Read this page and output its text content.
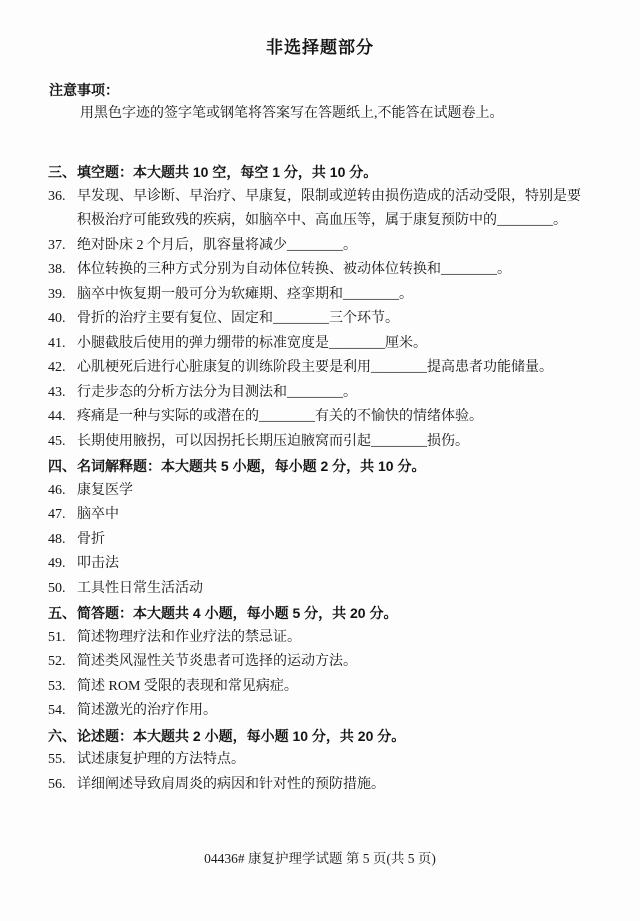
非选择题部分
注意事项：
用黑色字迹的签字笔或钢笔将答案写在答题纸上,不能答在试题卷上。
三、 填空题：本大题共 10 空，每空 1 分，共 10 分。
36. 早发现、早诊断、早治疗、早康复，限制或逆转由损伤造成的活动受限，特别是要积极治疗可能致残的疾病，如脑卒中、高血压等，属于康复预防中的________。
37. 绝对卧床 2 个月后，肌容量将减少________。
38. 体位转换的三种方式分别为自动体位转换、被动体位转换和________。
39. 脑卒中恢复期一般可分为软瘫期、痉挛期和________。
40. 骨折的治疗主要有复位、固定和________三个环节。
41. 小腿截肢后使用的弹力绷带的标准宽度是________厘米。
42. 心肌梗死后进行心脏康复的训练阶段主要是利用________提高患者功能储量。
43. 行走步态的分析方法分为目测法和________。
44. 疼痛是一种与实际的或潜在的________有关的不愉快的情绪体验。
45. 长期使用腋拐，可以因拐托长期压迫腋窝而引起________损伤。
四、 名词解释题：本大题共 5 小题，每小题 2 分，共 10 分。
46. 康复医学
47. 脑卒中
48. 骨折
49. 叩击法
50. 工具性日常生活活动
五、 简答题：本大题共 4 小题，每小题 5 分，共 20 分。
51. 简述物理疗法和作业疗法的禁忌证。
52. 简述类风湿性关节炎患者可选择的运动方法。
53. 简述 ROM 受限的表现和常见病症。
54. 简述激光的治疗作用。
六、 论述题：本大题共 2 小题，每小题 10 分，共 20 分。
55. 试述康复护理的方法特点。
56. 详细阐述导致肩周炎的病因和针对性的预防措施。
04436# 康复护理学试题 第 5 页(共 5 页)
